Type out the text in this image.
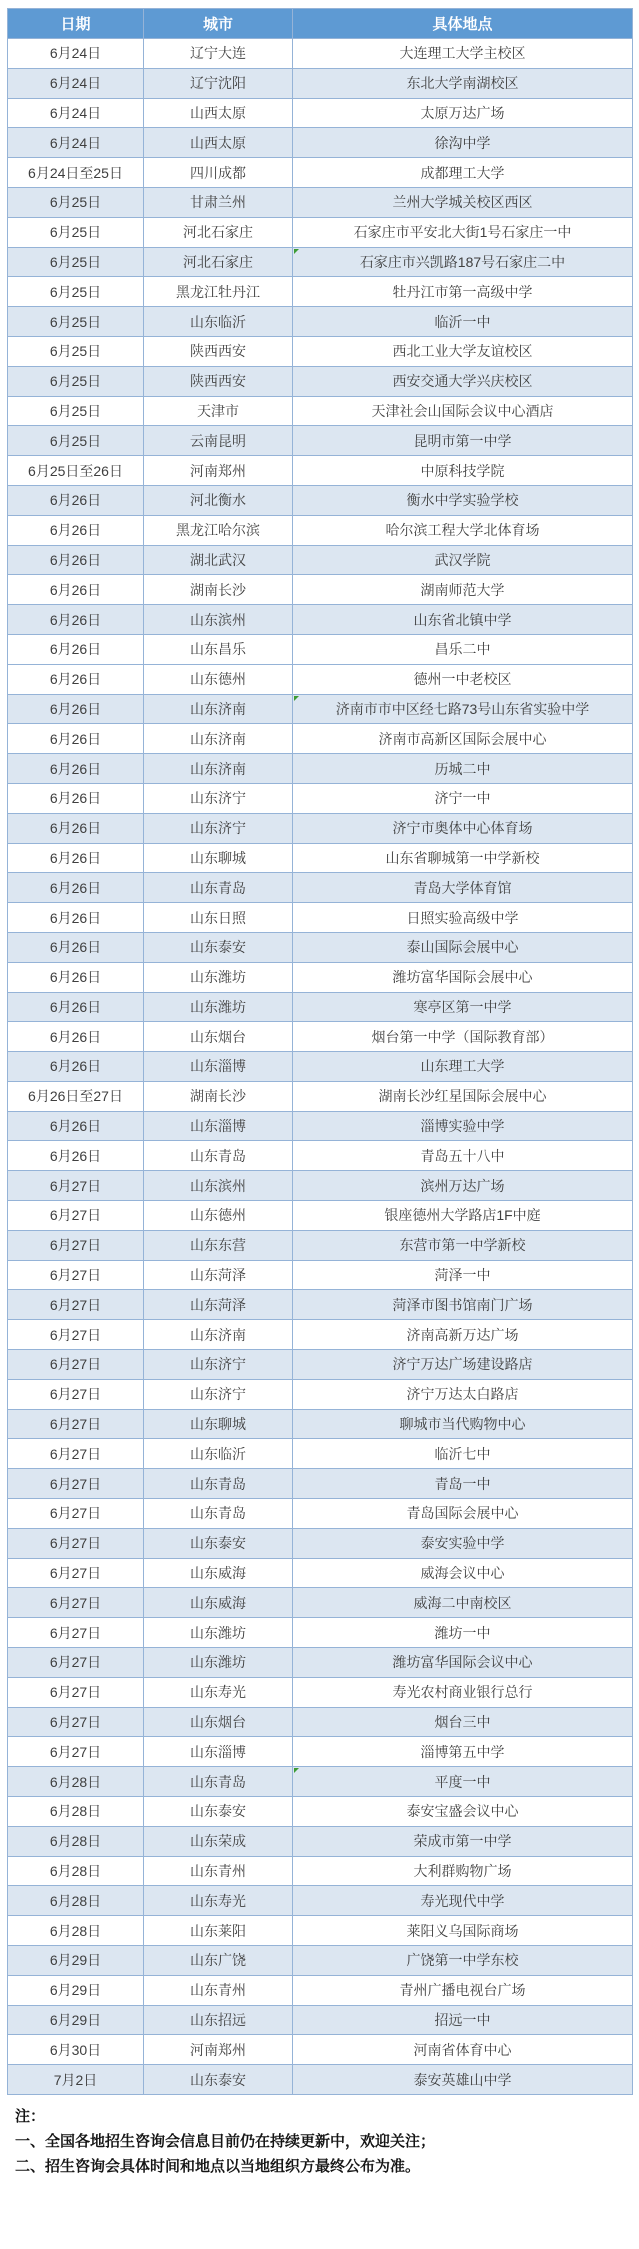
日期	城市	具体地点
6月24日	辽宁大连	大连理工大学主校区
6月24日	辽宁沈阳	东北大学南湖校区
6月24日	山西太原	太原万达广场
6月24日	山西太原	徐沟中学
6月24日至25日	四川成都	成都理工大学
6月25日	甘肃兰州	兰州大学城关校区西区
6月25日	河北石家庄	石家庄市平安北大街1号石家庄一中
6月25日	河北石家庄	石家庄市兴凯路187号石家庄二中

6月25日	黑龙江牡丹江	牡丹江市第一高级中学
6月25日	山东临沂	临沂一中
6月25日	陕西西安	西北工业大学友谊校区
6月25日	陕西西安	西安交通大学兴庆校区
6月25日	天津市	天津社会山国际会议中心酒店
6月25日	云南昆明	昆明市第一中学
6月25日至26日	河南郑州	中原科技学院
6月26日	河北衡水	衡水中学实验学校
6月26日	黑龙江哈尔滨	哈尔滨工程大学北体育场
6月26日	湖北武汉	武汉学院
6月26日	湖南长沙	湖南师范大学
6月26日	山东滨州	山东省北镇中学
6月26日	山东昌乐	昌乐二中
6月26日	山东德州	德州一中老校区
6月26日	山东济南	济南市市中区经七路73号山东省实验中学

6月26日	山东济南	济南市高新区国际会展中心
6月26日	山东济南	历城二中
6月26日	山东济宁	济宁一中
6月26日	山东济宁	济宁市奥体中心体育场
6月26日	山东聊城	山东省聊城第一中学新校
6月26日	山东青岛	青岛大学体育馆
6月26日	山东日照	日照实验高级中学
6月26日	山东泰安	泰山国际会展中心
6月26日	山东潍坊	潍坊富华国际会展中心
6月26日	山东潍坊	寒亭区第一中学
6月26日	山东烟台	烟台第一中学（国际教育部）
6月26日	山东淄博	山东理工大学
6月26日至27日	湖南长沙	湖南长沙红星国际会展中心
6月26日	山东淄博	淄博实验中学
6月26日	山东青岛	青岛五十八中
6月27日	山东滨州	滨州万达广场
6月27日	山东德州	银座德州大学路店1F中庭
6月27日	山东东营	东营市第一中学新校
6月27日	山东菏泽	菏泽一中
6月27日	山东菏泽	菏泽市图书馆南门广场
6月27日	山东济南	济南高新万达广场
6月27日	山东济宁	济宁万达广场建设路店
6月27日	山东济宁	济宁万达太白路店
6月27日	山东聊城	聊城市当代购物中心
6月27日	山东临沂	临沂七中
6月27日	山东青岛	青岛一中
6月27日	山东青岛	青岛国际会展中心
6月27日	山东泰安	泰安实验中学
6月27日	山东威海	威海会议中心
6月27日	山东威海	威海二中南校区
6月27日	山东潍坊	潍坊一中
6月27日	山东潍坊	潍坊富华国际会议中心
6月27日	山东寿光	寿光农村商业银行总行
6月27日	山东烟台	烟台三中
6月27日	山东淄博	淄博第五中学
6月28日	山东青岛	平度一中

6月28日	山东泰安	泰安宝盛会议中心
6月28日	山东荣成	荣成市第一中学
6月28日	山东青州	大利群购物广场
6月28日	山东寿光	寿光现代中学
6月28日	山东莱阳	莱阳义乌国际商场
6月29日	山东广饶	广饶第一中学东校
6月29日	山东青州	青州广播电视台广场
6月29日	山东招远	招远一中
6月30日	河南郑州	河南省体育中心
7月2日	山东泰安	泰安英雄山中学
注：
一、全国各地招生咨询会信息目前仍在持续更新中，欢迎关注；
二、招生咨询会具体时间和地点以当地组织方最终公布为准。
